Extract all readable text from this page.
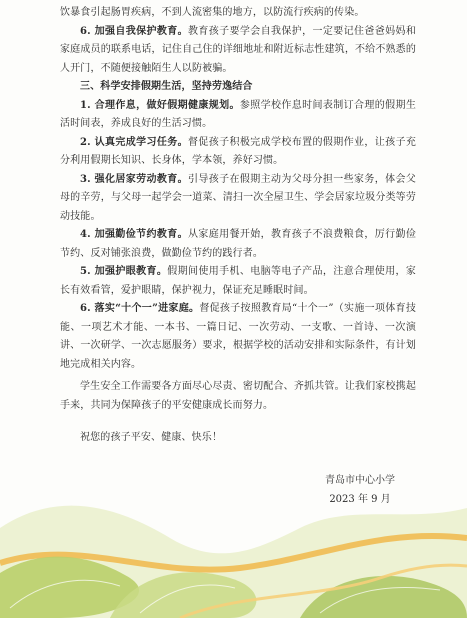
饮暴食引起肠胃疾病，不到人流密集的地方，以防流行疾病的传染。

6. 加强自我保护教育。教育孩子要学会自我保护，一定要记住爸爸妈妈和家庭成员的联系电话，记住自己住的详细地址和附近标志性建筑，不给不熟悉的人开门，不随便接触陌生人以防被骗。

三、科学安排假期生活，坚持劳逸结合

1. 合理作息，做好假期健康规划。参照学校作息时间表制订合理的假期生活时间表，养成良好的生活习惯。

2. 认真完成学习任务。督促孩子积极完成学校布置的假期作业，让孩子充分利用假期长知识、长身体，学本领，养好习惯。

3. 强化居家劳动教育。引导孩子在假期主动为父母分担一些家务，体会父母的辛劳，与父母一起学会一道菜、清扫一次全屋卫生、学会居家垃圾分类等劳动技能。

4. 加强勤俭节约教育。从家庭用餐开始，教育孩子不浪费粮食，厉行勤俭节约、反对铺张浪费，做勤俭节约的践行者。

5. 加强护眼教育。假期间使用手机、电脑等电子产品，注意合理使用，家长有效看管，爱护眼睛，保护视力，保证充足睡眠时间。

6. 落实“十个一”进家庭。督促孩子按照教育局“十个一”（实施一项体育技能、一项艺术才能、一本书、一篇日记、一次劳动、一支歌、一首诗、一次演讲、一次研学、一次志愿服务）要求，根据学校的活动安排和实际条件，有计划地完成相关内容。

学生安全工作需要各方面尽心尽责、密切配合、齐抓共管。让我们家校携起手来，共同为保障孩子的平安健康成长而努力。

祝您的孩子平安、健康、快乐！

青岛市中心小学
2023 年 9 月
